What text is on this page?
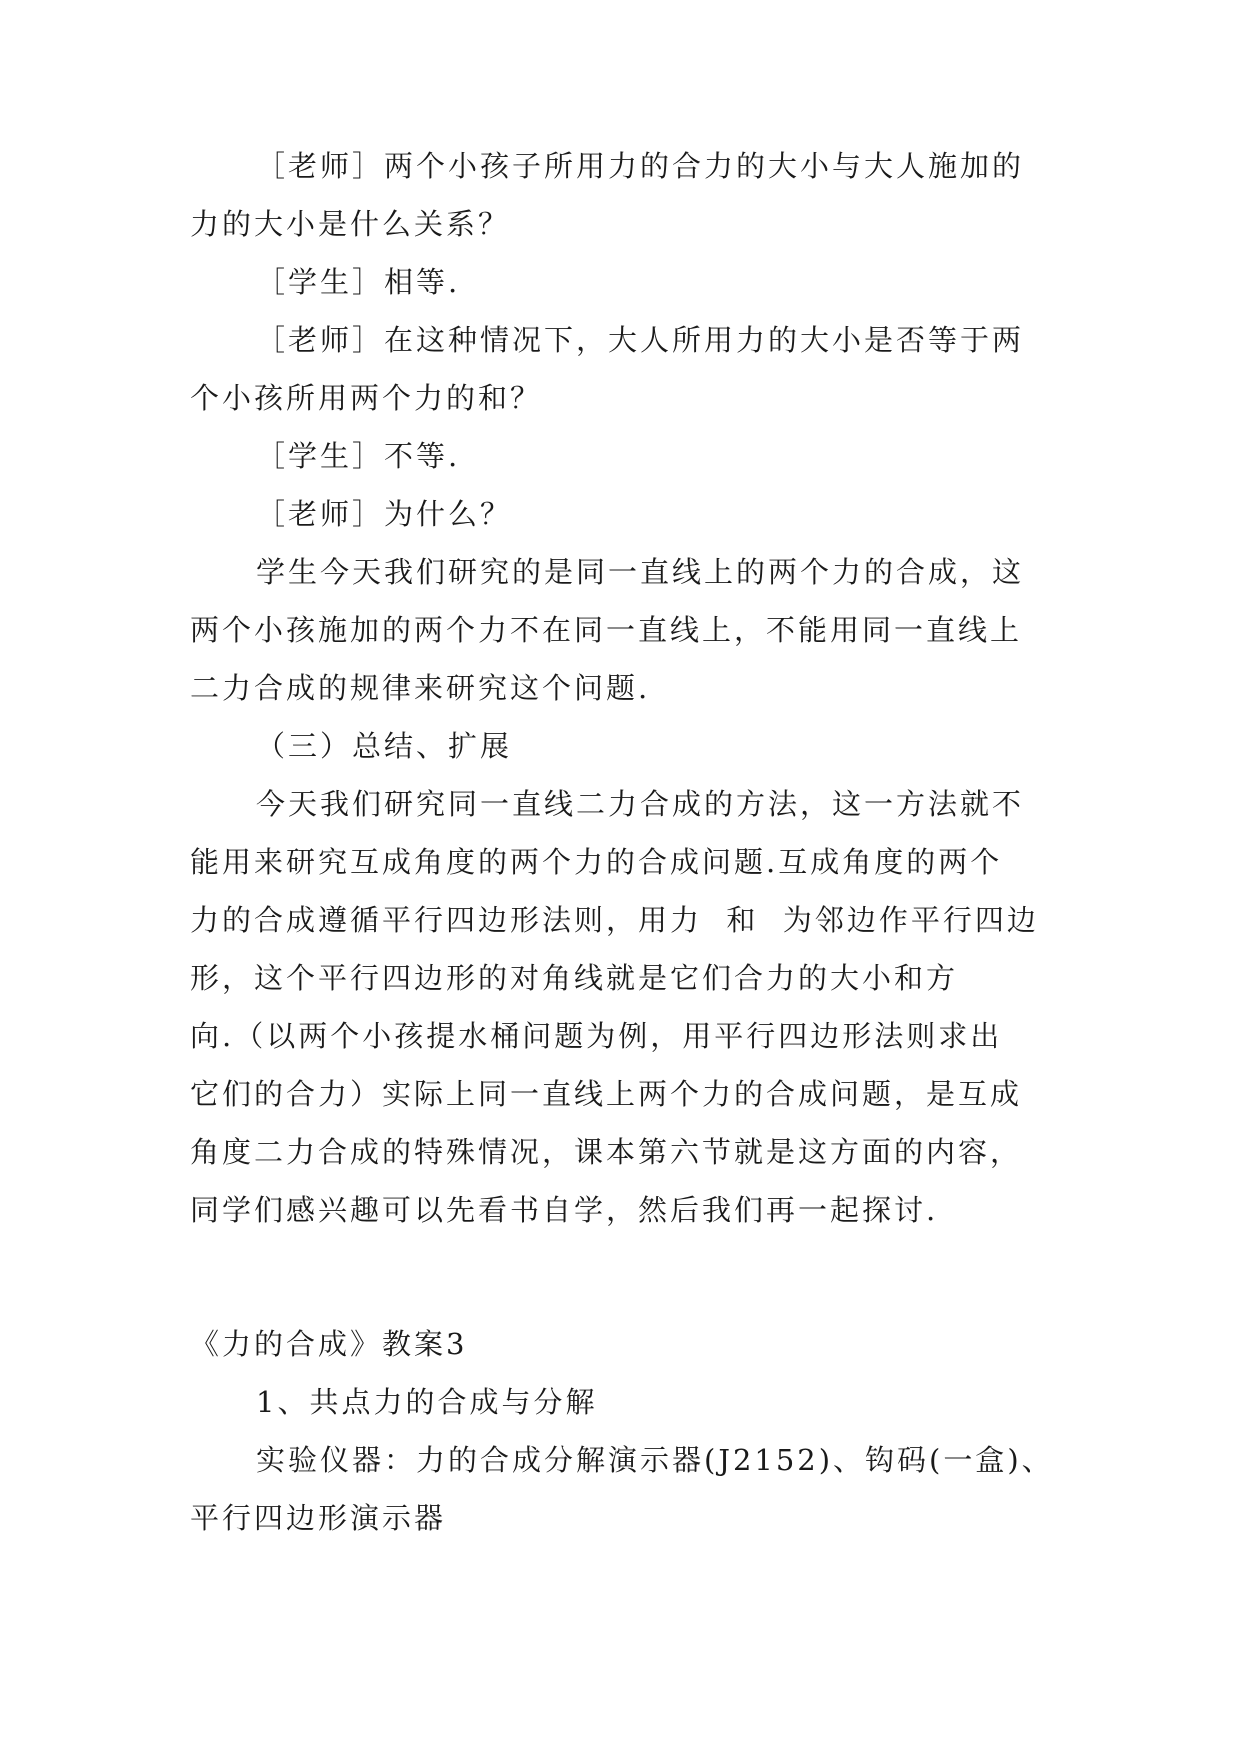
［老师］两个小孩子所用力的合力的大小与大人施加的

力的大小是什么关系？

［学生］相等.

［老师］在这种情况下，大人所用力的大小是否等于两

个小孩所用两个力的和？

［学生］不等.

［老师］为什么？

学生今天我们研究的是同一直线上的两个力的合成，这

两个小孩施加的两个力不在同一直线上，不能用同一直线上

二力合成的规律来研究这个问题.

（三）总结、扩展

今天我们研究同一直线二力合成的方法，这一方法就不

能用来研究互成角度的两个力的合成问题.互成角度的两个

力的合成遵循平行四边形法则，用力  和  为邻边作平行四边

形，这个平行四边形的对角线就是它们合力的大小和方

向.（以两个小孩提水桶问题为例，用平行四边形法则求出

它们的合力）实际上同一直线上两个力的合成问题，是互成

角度二力合成的特殊情况，课本第六节就是这方面的内容，

同学们感兴趣可以先看书自学，然后我们再一起探讨.

《力的合成》教案3

1、共点力的合成与分解

实验仪器：力的合成分解演示器(J2152)、钩码(一盒)、

平行四边形演示器
